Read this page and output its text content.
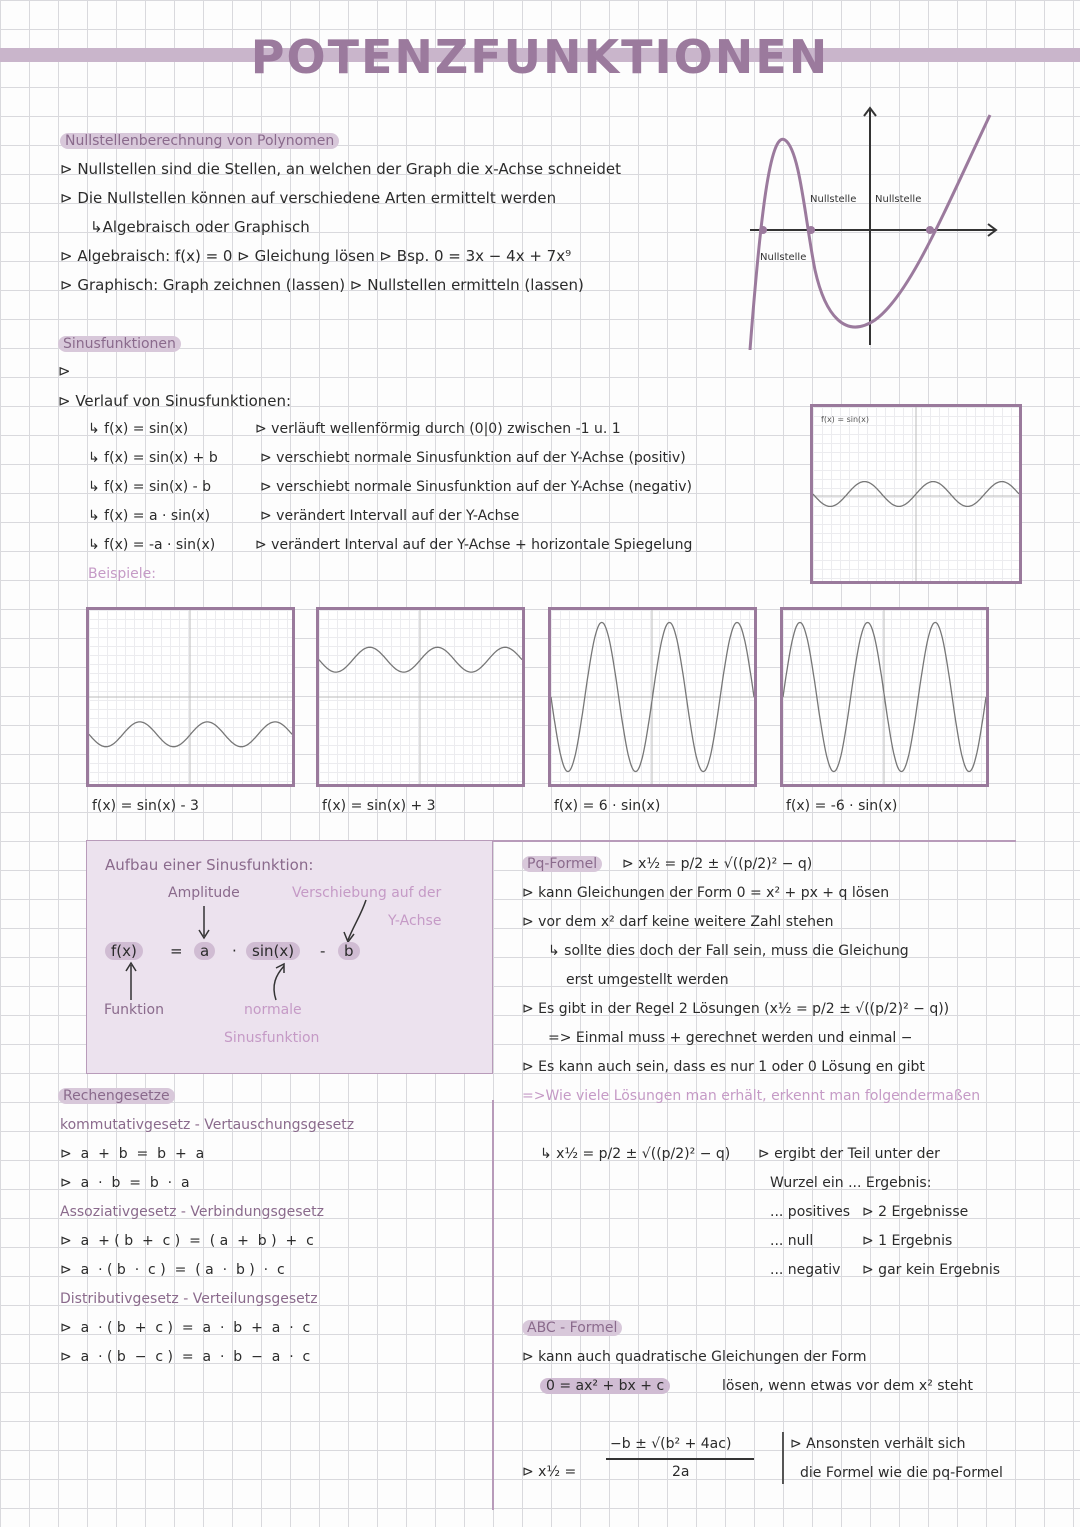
POTENZFUNKTIONEN
Nullstellenberechnung von Polynomen
⊳ Nullstellen sind die Stellen, an welchen der Graph die x-Achse schneidet
⊳ Die Nullstellen können auf verschiedene Arten ermittelt werden
↳Algebraisch oder Graphisch
⊳ Algebraisch: f(x) = 0 ⊳ Gleichung lösen ⊳ Bsp. 0 = 3x − 4x + 7x⁹
⊳ Graphisch: Graph zeichnen (lassen) ⊳ Nullstellen ermitteln (lassen)
Nullstelle Nullstelle
Nullstelle
Sinusfunktionen
⊳
⊳ Verlauf von Sinusfunktionen:
↳ f(x) = sin(x)	⊳ verläuft wellenförmig durch (0|0) zwischen -1 u. 1
↳ f(x) = sin(x) + b	⊳ verschiebt normale Sinusfunktion auf der Y-Achse (positiv)
↳ f(x) = sin(x) - b	⊳ verschiebt normale Sinusfunktion auf der Y-Achse (negativ)
↳ f(x) = a · sin(x)	⊳ verändert Intervall auf der Y-Achse
↳ f(x) = -a · sin(x)	⊳ verändert Interval auf der Y-Achse + horizontale Spiegelung
Beispiele:
f(x) = sin(x)
f(x) = sin(x) - 3	f(x) = sin(x) + 3	f(x) = 6 · sin(x)	f(x) = -6 · sin(x)
Aufbau einer Sinusfunktion:
Amplitude	Verschiebung auf der
Y-Achse
f(x)	=	a	·	sin(x)	-	b
Funktion	normale
Sinusfunktion
Pq-Formel	⊳ x½ = p/2 ± √((p/2)² − q)
⊳ kann Gleichungen der Form 0 = x² + px + q lösen
⊳ vor dem x² darf keine weitere Zahl stehen
↳ sollte dies doch der Fall sein, muss die Gleichung
erst umgestellt werden
⊳ Es gibt in der Regel 2 Lösungen (x½ = p/2 ± √((p/2)² − q))
=> Einmal muss + gerechnet werden und einmal −
⊳ Es kann auch sein, dass es nur 1 oder 0 Lösung en gibt
=>Wie viele Lösungen man erhält, erkennt man folgendermaßen
↳ x½ = p/2 ± √((p/2)² − q) ⊳ ergibt der Teil unter der
Wurzel ein ... Ergebnis:
... positives ⊳ 2 Ergebnisse
... null	⊳ 1 Ergebnis
... negativ ⊳ gar kein Ergebnis
Rechengesetze
kommutativgesetz - Vertauschungsgesetz
⊳  a  +  b  =  b  +  a
⊳  a  ·  b  =  b  ·  a
Assoziativgesetz - Verbindungsgesetz
⊳  a  + ( b  +  c )  =  ( a  +  b )  +  c
⊳  a  · ( b  ·  c )  =  ( a  ·  b )  ·  c
Distributivgesetz - Verteilungsgesetz
⊳  a  · ( b  +  c )  =  a  ·  b  +  a  ·  c
⊳  a  · ( b  −  c )  =  a  ·  b  −  a  ·  c
ABC - Formel
⊳ kann auch quadratische Gleichungen der Form
0 = ax² + bx + c	lösen, wenn etwas vor dem x² steht
⊳ x½ =
−b ± √(b² + 4ac)
2a
⊳ Ansonsten verhält sich
die Formel wie die pq-Formel
